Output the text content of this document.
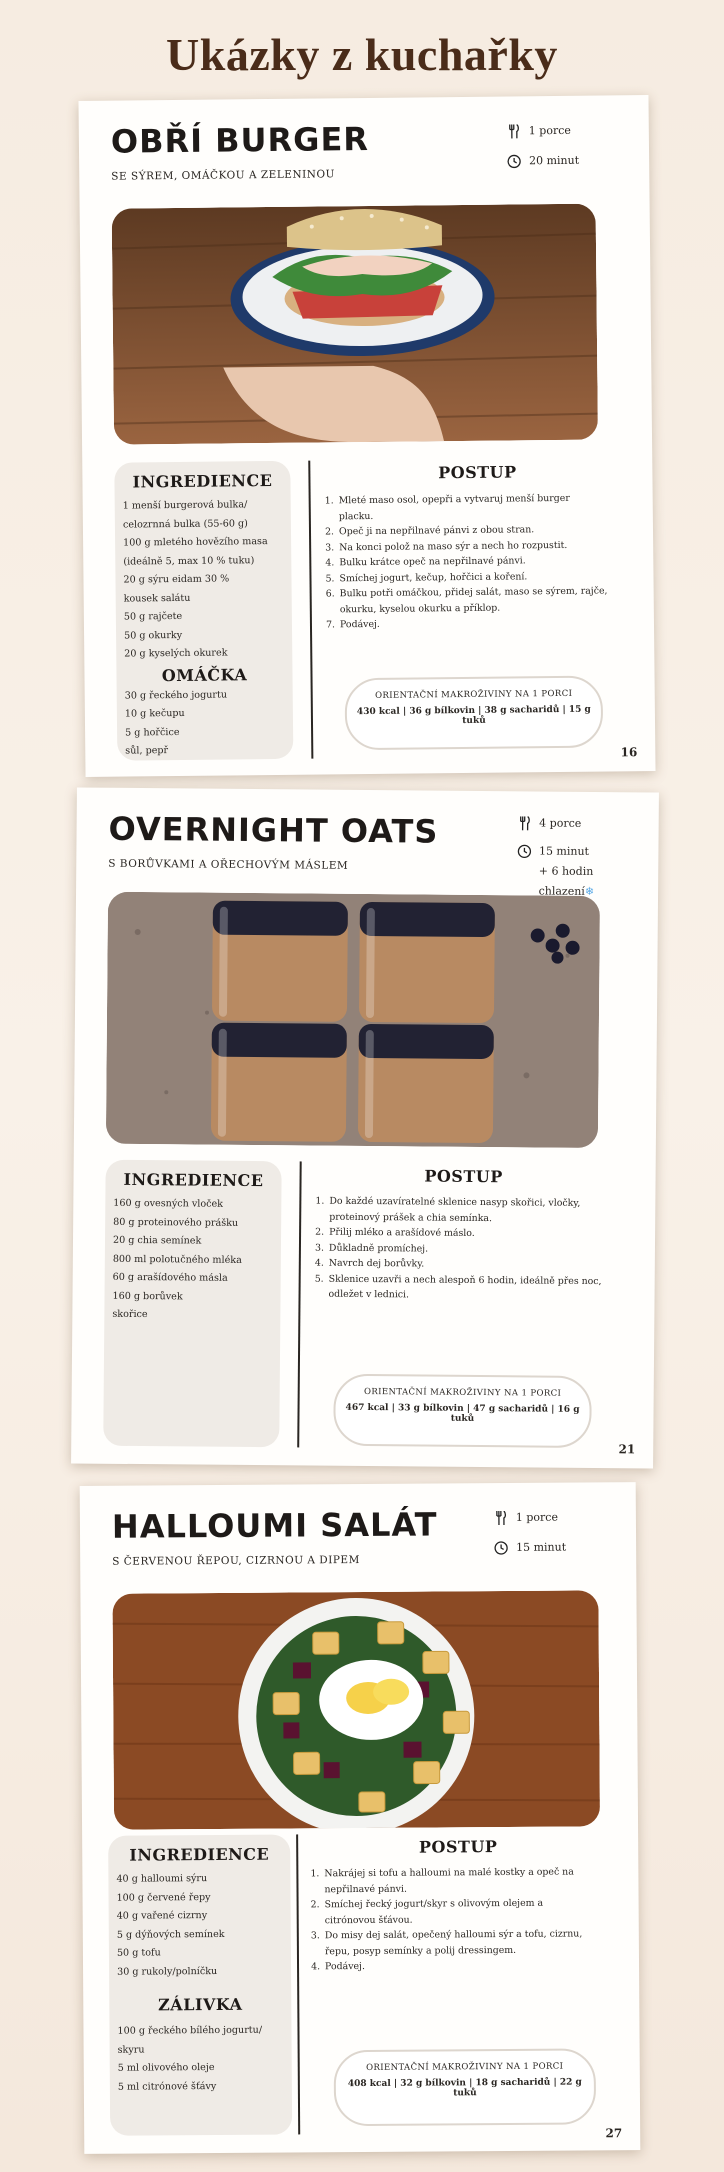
Ukázky z kuchařky
OBŘÍ BURGER
SE SÝREM, OMÁČKOU A ZELENINOU
1 porce
20 minut
INGREDIENCE
1 menší burgerová bulka/
celozrnná bulka (55-60 g)
100 g mletého hovězího masa
(ideálně 5, max 10 % tuku)
20 g sýru eidam 30 %
kousek salátu
50 g rajčete
50 g okurky
20 g kyselých okurek
OMÁČKA
30 g řeckého jogurtu
10 g kečupu
5 g hořčice
sůl, pepř
POSTUP
1. Mleté maso osol, opepři a vytvaruj menší burger placku.
2. Opeč ji na nepřilnavé pánvi z obou stran.
3. Na konci polož na maso sýr a nech ho rozpustit.
4. Bulku krátce opeč na nepřilnavé pánvi.
5. Smíchej jogurt, kečup, hořčici a koření.
6. Bulku potři omáčkou, přidej salát, maso se sýrem, rajče, okurku, kyselou okurku a příklop.
7. Podávej.
ORIENTAČNÍ MAKROŽIVINY NA 1 PORCI
430 kcal | 36 g bílkovin | 38 g sacharidů | 15 g tuků
16
OVERNIGHT OATS
S BORŮVKAMI A OŘECHOVÝM MÁSLEM
4 porce
15 minut
+ 6 hodin
chlazení❄
INGREDIENCE
160 g ovesných vloček
80 g proteinového prášku
20 g chia semínek
800 ml polotučného mléka
60 g arašídového másla
160 g borůvek
skořice
POSTUP
1. Do každé uzavíratelné sklenice nasyp skořici, vločky, proteinový prášek a chia semínka.
2. Přilij mléko a arašídové máslo.
3. Důkladně promíchej.
4. Navrch dej borůvky.
5. Sklenice uzavři a nech alespoň 6 hodin, ideálně přes noc, odležet v lednici.
ORIENTAČNÍ MAKROŽIVINY NA 1 PORCI
467 kcal | 33 g bílkovin | 47 g sacharidů | 16 g tuků
21
HALLOUMI SALÁT
S ČERVENOU ŘEPOU, CIZRNOU A DIPEM
1 porce
15 minut
INGREDIENCE
40 g halloumi sýru
100 g červené řepy
40 g vařené cizrny
5 g dýňových semínek
50 g tofu
30 g rukoly/polníčku
ZÁLIVKA
100 g řeckého bílého jogurtu/
skyru
5 ml olivového oleje
5 ml citrónové šťávy
POSTUP
1. Nakrájej si tofu a halloumi na malé kostky a opeč na nepřilnavé pánvi.
2. Smíchej řecký jogurt/skyr s olivovým olejem a citrónovou šťávou.
3. Do misy dej salát, opečený halloumi sýr a tofu, cizrnu, řepu, posyp semínky a polij dressingem.
4. Podávej.
ORIENTAČNÍ MAKROŽIVINY NA 1 PORCI
408 kcal | 32 g bílkovin | 18 g sacharidů | 22 g tuků
27
